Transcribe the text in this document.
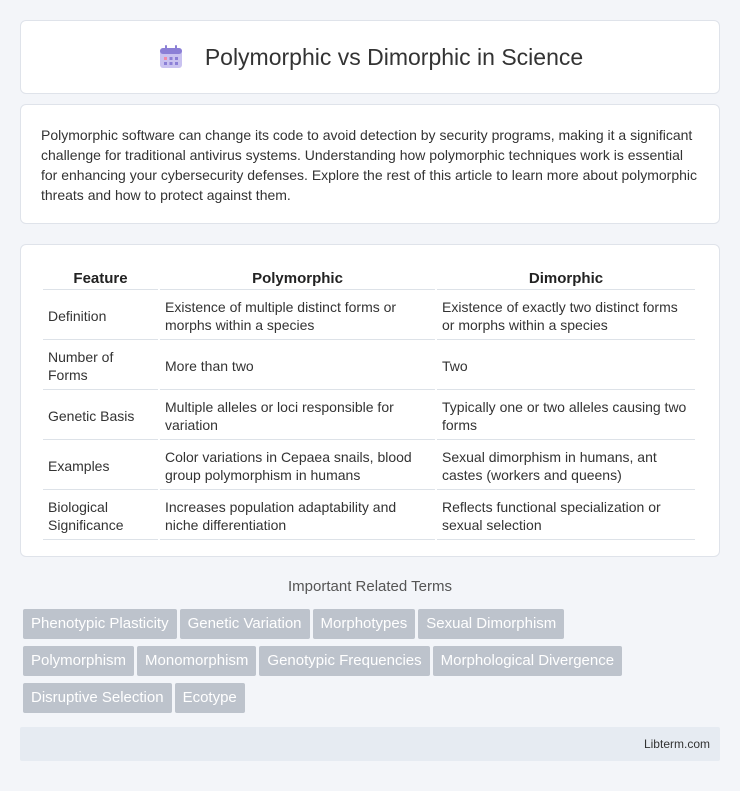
Polymorphic vs Dimorphic in Science

Polymorphic software can change its code to avoid detection by security programs, making it a significant challenge for traditional antivirus systems. Understanding how polymorphic techniques work is essential for enhancing your cybersecurity defenses. Explore the rest of this article to learn more about polymorphic threats and how to protect against them.

Feature	Polymorphic	Dimorphic
Definition	Existence of multiple distinct forms or morphs within a species	Existence of exactly two distinct forms or morphs within a species
Number of Forms	More than two	Two
Genetic Basis	Multiple alleles or loci responsible for variation	Typically one or two alleles causing two forms
Examples	Color variations in Cepaea snails, blood group polymorphism in humans	Sexual dimorphism in humans, ant castes (workers and queens)
Biological Significance	Increases population adaptability and niche differentiation	Reflects functional specialization or sexual selection
Important Related Terms
Phenotypic Plasticity Genetic Variation Morphotypes Sexual Dimorphism
Polymorphism Monomorphism Genotypic Frequencies Morphological Divergence
Disruptive Selection Ecotype
Libterm.com
